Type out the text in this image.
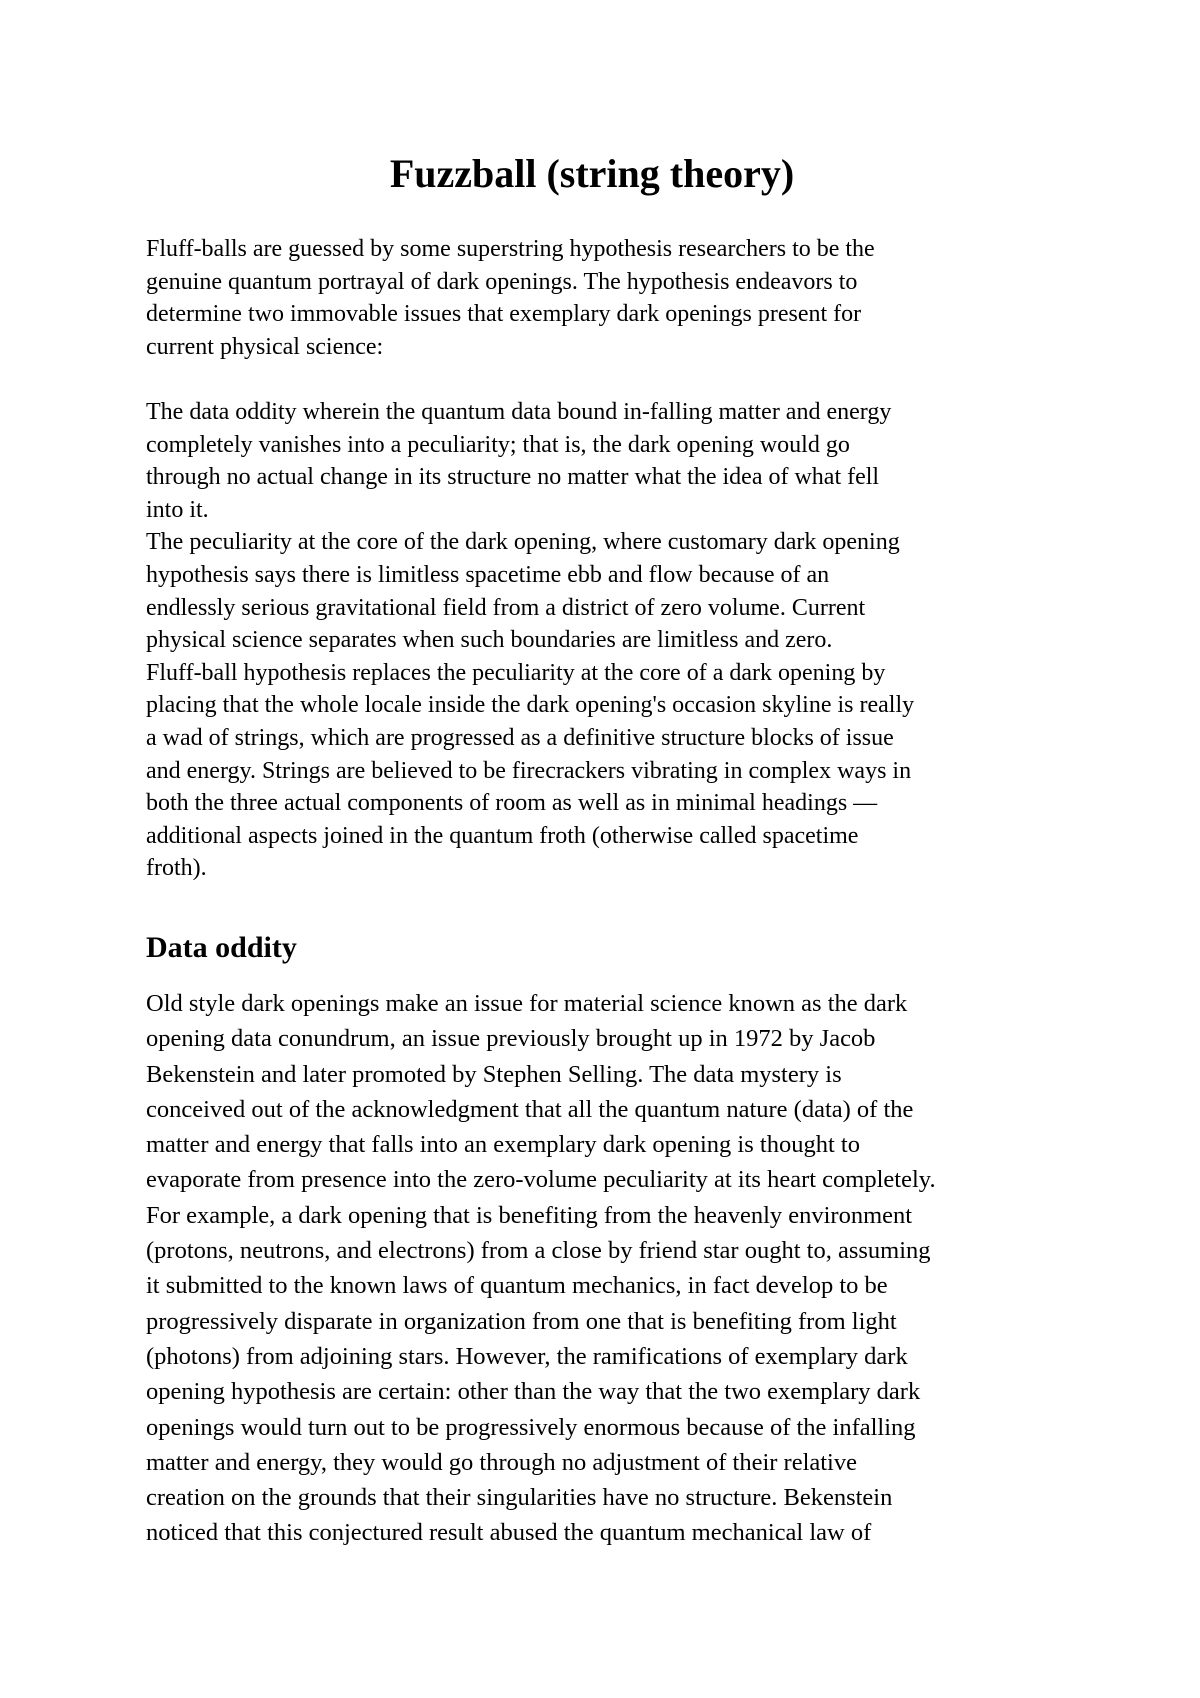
Fuzzball (string theory)
Fluff-balls are guessed by some superstring hypothesis researchers to be the
genuine quantum portrayal of dark openings. The hypothesis endeavors to
determine two immovable issues that exemplary dark openings present for
current physical science:
The data oddity wherein the quantum data bound in-falling matter and energy
completely vanishes into a peculiarity; that is, the dark opening would go
through no actual change in its structure no matter what the idea of what fell
into it.
The peculiarity at the core of the dark opening, where customary dark opening
hypothesis says there is limitless spacetime ebb and flow because of an
endlessly serious gravitational field from a district of zero volume. Current
physical science separates when such boundaries are limitless and zero.
Fluff-ball hypothesis replaces the peculiarity at the core of a dark opening by
placing that the whole locale inside the dark opening's occasion skyline is really
a wad of strings, which are progressed as a definitive structure blocks of issue
and energy. Strings are believed to be firecrackers vibrating in complex ways in
both the three actual components of room as well as in minimal headings —
additional aspects joined in the quantum froth (otherwise called spacetime
froth).
Data oddity
Old style dark openings make an issue for material science known as the dark
opening data conundrum, an issue previously brought up in 1972 by Jacob
Bekenstein and later promoted by Stephen Selling. The data mystery is
conceived out of the acknowledgment that all the quantum nature (data) of the
matter and energy that falls into an exemplary dark opening is thought to
evaporate from presence into the zero-volume peculiarity at its heart completely.
For example, a dark opening that is benefiting from the heavenly environment
(protons, neutrons, and electrons) from a close by friend star ought to, assuming
it submitted to the known laws of quantum mechanics, in fact develop to be
progressively disparate in organization from one that is benefiting from light
(photons) from adjoining stars. However, the ramifications of exemplary dark
opening hypothesis are certain: other than the way that the two exemplary dark
openings would turn out to be progressively enormous because of the infalling
matter and energy, they would go through no adjustment of their relative
creation on the grounds that their singularities have no structure. Bekenstein
noticed that this conjectured result abused the quantum mechanical law of
